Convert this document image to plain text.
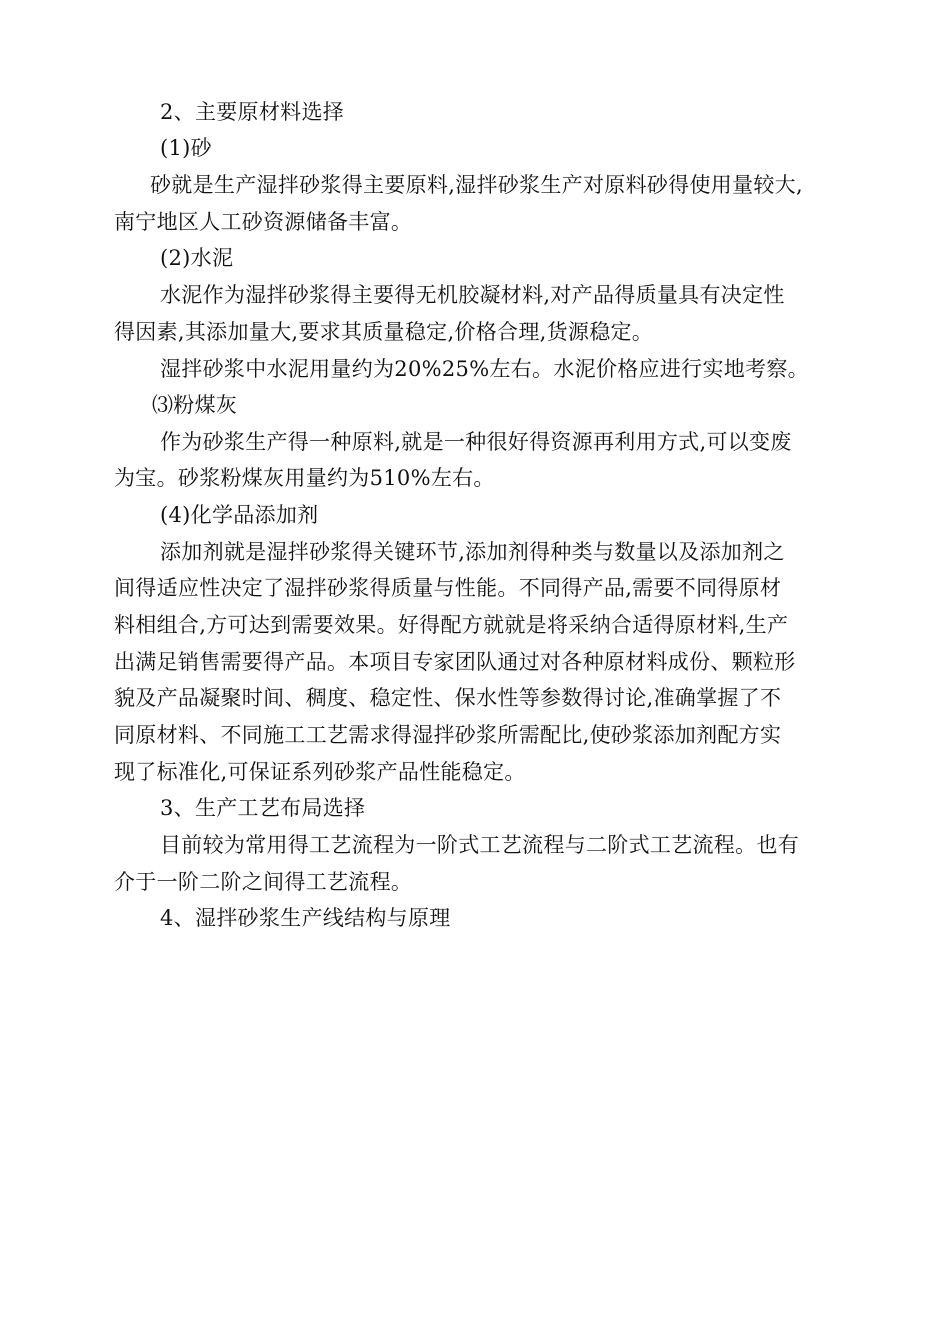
2、主要原材料选择
(1)砂
砂就是生产湿拌砂浆得主要原料,湿拌砂浆生产对原料砂得使用量较大,
南宁地区人工砂资源储备丰富。
(2)水泥
水泥作为湿拌砂浆得主要得无机胶凝材料,对产品得质量具有决定性
得因素,其添加量大,要求其质量稳定,价格合理,货源稳定。
湿拌砂浆中水泥用量约为20%25%左右。水泥价格应进行实地考察。
⑶粉煤灰
作为砂浆生产得一种原料,就是一种很好得资源再利用方式,可以变废
为宝。砂浆粉煤灰用量约为510%左右。
(4)化学品添加剂
添加剂就是湿拌砂浆得关键环节,添加剂得种类与数量以及添加剂之
间得适应性决定了湿拌砂浆得质量与性能。不同得产品,需要不同得原材
料相组合,方可达到需要效果。好得配方就就是将采纳合适得原材料,生产
出满足销售需要得产品。本项目专家团队通过对各种原材料成份、颗粒形
貌及产品凝聚时间、稠度、稳定性、保水性等参数得讨论,准确掌握了不
同原材料、不同施工工艺需求得湿拌砂浆所需配比,使砂浆添加剂配方实
现了标准化,可保证系列砂浆产品性能稳定。
3、生产工艺布局选择
目前较为常用得工艺流程为一阶式工艺流程与二阶式工艺流程。也有
介于一阶二阶之间得工艺流程。
4、湿拌砂浆生产线结构与原理
